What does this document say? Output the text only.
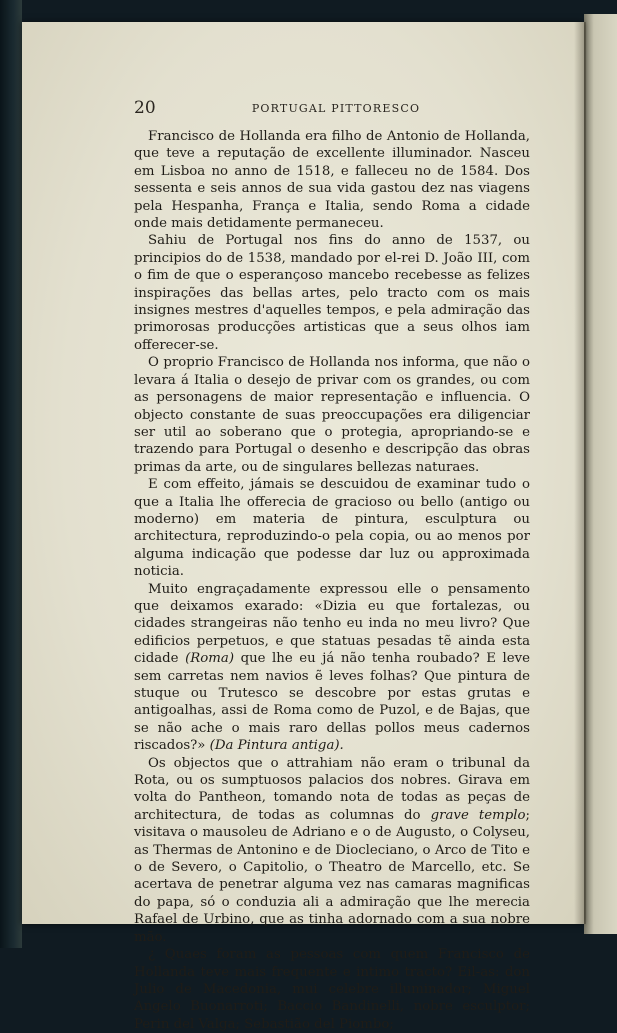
20	PORTUGAL PITTORESCO

Francisco de Hollanda era filho de Antonio de Hollanda, que teve a reputação de excellente illuminador. Nasceu em Lisboa no anno de 1518, e falleceu no de 1584. Dos sessenta e seis annos de sua vida gastou dez nas viagens pela Hespanha, França e Italia, sendo Roma a cidade onde mais detidamente permaneceu.

Sahiu de Portugal nos fins do anno de 1537, ou principios do de 1538, mandado por el-rei D. João III, com o fim de que o esperançoso mancebo recebesse as felizes inspirações das bellas artes, pelo tracto com os mais insignes mestres d'aquelles tempos, e pela admiração das primorosas producções artisticas que a seus olhos iam offerecer-se.

O proprio Francisco de Hollanda nos informa, que não o levara á Italia o desejo de privar com os grandes, ou com as personagens de maior representação e influencia. O objecto constante de suas preoccupações era diligenciar ser util ao soberano que o protegia, apropriando-se e trazendo para Portugal o desenho e descripção das obras primas da arte, ou de singulares bellezas naturaes.

E com effeito, jámais se descuidou de examinar tudo o que a Italia lhe offerecia de gracioso ou bello (antigo ou moderno) em materia de pintura, esculptura ou architectura, reproduzindo-o pela copia, ou ao menos por alguma indicação que podesse dar luz ou approximada noticia.

Muito engraçadamente expressou elle o pensamento que deixamos exarado: «Dizia eu que fortalezas, ou cidades strangeiras não tenho eu inda no meu livro? Que edificios perpetuos, e que statuas pesadas tẽ ainda esta cidade (Roma) que lhe eu já não tenha roubado? E leve sem carretas nem navios ẽ leves folhas? Que pintura de stuque ou Trutesco se descobre por estas grutas e antigoalhas, assi de Roma como de Puzol, e de Bajas, que se não ache o mais raro dellas pollos meus cadernos riscados?» (Da Pintura antiga).

Os objectos que o attrahiam não eram o tribunal da Rota, ou os sumptuosos palacios dos nobres. Girava em volta do Pantheon, tomando nota de todas as peças de architectura, de todas as columnas do grave templo; visitava o mausoleu de Adriano e o de Augusto, o Colyseu, as Thermas de Antonino e de Diocleciano, o Arco de Tito e o de Severo, o Capitolio, o Theatro de Marcello, etc. Se acertava de penetrar alguma vez nas camaras magnificas do papa, só o conduzia ali a admiração que lhe merecia Rafael de Urbino, que as tinha adornado com a sua nobre mão.

¿ Quaes foram as pessoas com quem Francisco de Hollanda teve mais frequente e intimo tracto? Eil-as: don Julio de Macedonia, mui celebre illuminador; Miguel Angelo Buonarroti; Baccio Bandinelli, nobre esculptor; Perin del Valga; Sebastião del Piombo;
